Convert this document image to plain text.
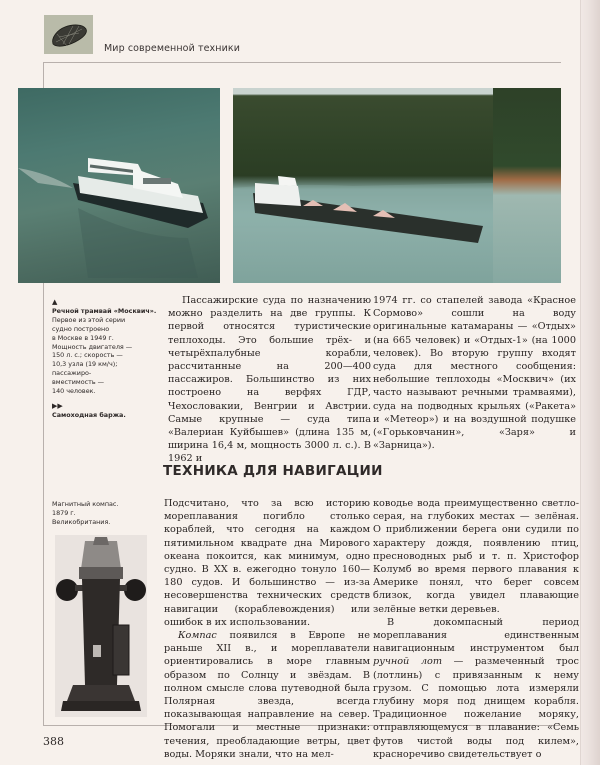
Мир современной техники
▲
Речной трамвай «Москвич».
Первое из этой серии
судно построено
в Москве в 1949 г.
Мощность двигателя —
150 л. с.; скорость —
10,3 узла (19 км/ч);
пассажиро-
вместимость —
140 человек.
▶▶
Самоходная баржа.

Пассажирские суда по назначению можно разделить на две группы. К первой относятся туристические теплоходы. Это большие трёх- и четырёхпалубные корабли, рассчитанные на 200—400 пассажиров. Большинство из них построено на верфях ГДР, Чехословакии, Венгрии и Австрии. Самые крупные — суда типа «Валериан Куйбышев» (длина 135 м, ширина 16,4 м, мощность 3000 л. с.). В 1962 и

1974 гг. со стапелей завода «Красное Сормово» сошли на воду оригинальные катамараны — «Отдых» (на 665 человек) и «Отдых-1» (на 1000 человек). Во вторую группу входят суда для местного сообщения: небольшие теплоходы «Москвич» (их часто называют речными трамваями), суда на подводных крыльях («Ракета» и «Метеор») и на воздушной подушке («Горьковчанин», «Заря» и «Зарница»).

ТЕХНИКА ДЛЯ НАВИГАЦИИ
Магнитный компас.
1879 г.
Великобритания.

Подсчитано, что за всю историю мореплавания погибло столько кораблей, что сегодня на каждом пятимильном квадрате дна Мирового океана покоится, как минимум, одно судно. В XX в. ежегодно тонуло 160—180 судов. И большинство — из-за несовершенства технических средств навигации (кораблевождения) или ошибок в их использовании.

Компас появился в Европе не раньше XII в., и мореплаватели ориентировались в море главным образом по Солнцу и звёздам. В полном смысле слова путеводной была Полярная звезда, всегда показывающая направление на север. Помогали и местные признаки: течения, преобладающие ветры, цвет воды. Моряки знали, что на мел-

ководье вода преимущественно светло-серая, на глубоких местах — зелёная. О приближении берега они судили по характеру дождя, появлению птиц, пресноводных рыб и т. п. Христофор Колумб во время первого плавания к Америке понял, что берег совсем близок, когда увидел плавающие зелёные ветки деревьев.

В докомпасный период мореплавания единственным навигационным инструментом был ручной лот — размеченный трос (лотлинь) с привязанным к нему грузом. С помощью лота измеряли глубину моря под днищем корабля. Традиционное пожелание моряку, отправляющемуся в плавание: «Семь футов чистой воды под килем», красноречиво свидетельствует о

388
